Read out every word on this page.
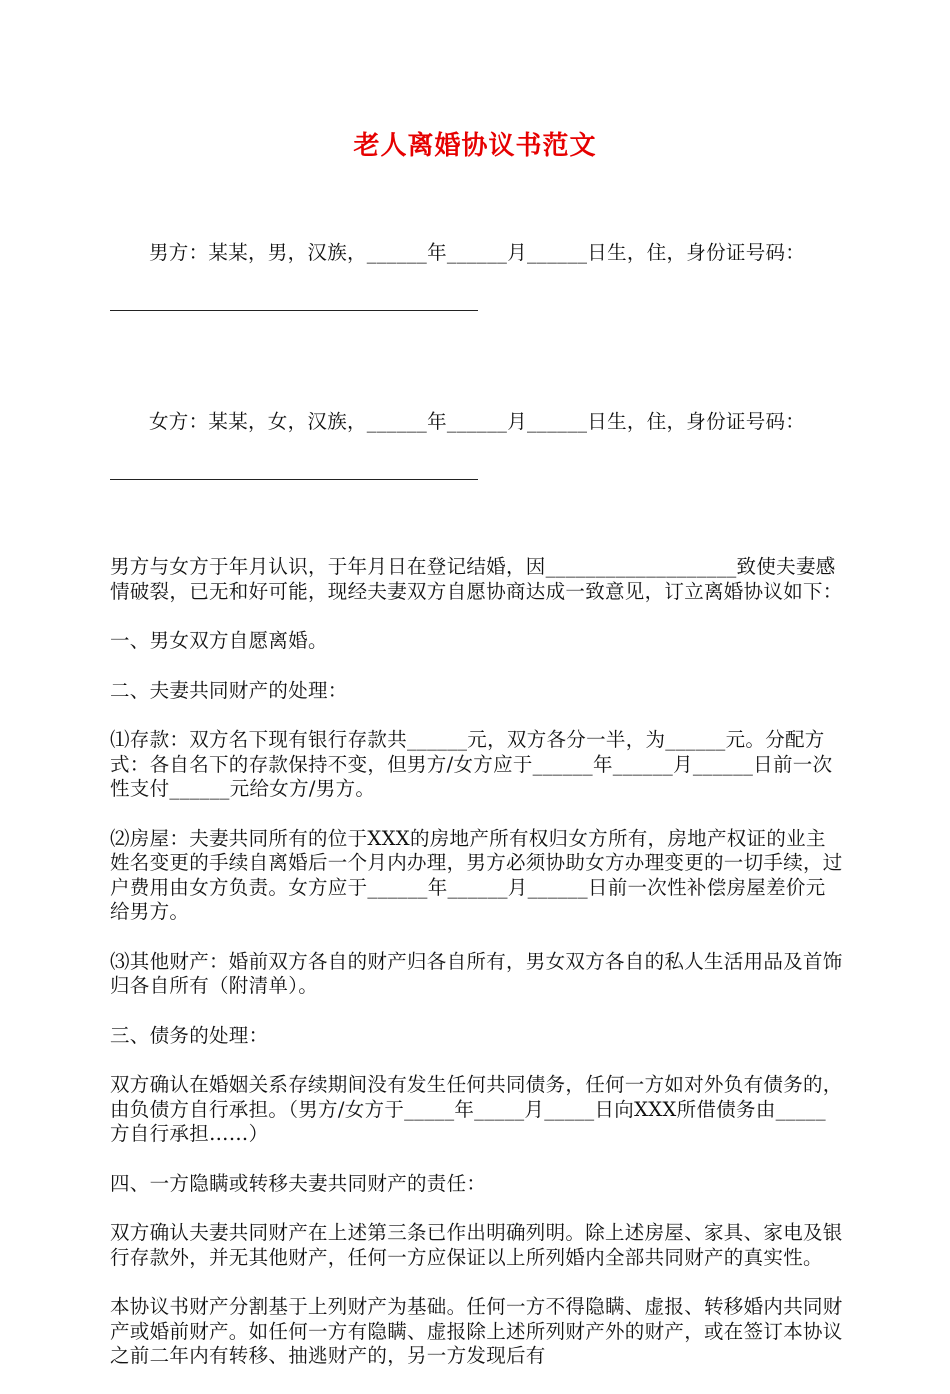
老人离婚协议书范文

男方：某某，男，汉族，______年______月______日生，住，身份证号码：

女方：某某，女，汉族，______年______月______日生，住，身份证号码：

男方与女方于年月认识，于年月日在登记结婚，因___________________致使夫妻感情破裂，已无和好可能，现经夫妻双方自愿协商达成一致意见，订立离婚协议如下：
一、男女双方自愿离婚。
二、夫妻共同财产的处理：
⑴存款：双方名下现有银行存款共______元，双方各分一半，为______元。分配方式：各自名下的存款保持不变，但男方/女方应于______年______月______日前一次性支付______元给女方/男方。
⑵房屋：夫妻共同所有的位于XXX的房地产所有权归女方所有，房地产权证的业主姓名变更的手续自离婚后一个月内办理，男方必须协助女方办理变更的一切手续，过户费用由女方负责。女方应于______年______月______日前一次性补偿房屋差价元给男方。
⑶其他财产：婚前双方各自的财产归各自所有，男女双方各自的私人生活用品及首饰归各自所有（附清单）。
三、债务的处理：
双方确认在婚姻关系存续期间没有发生任何共同债务，任何一方如对外负有债务的，由负债方自行承担。（男方/女方于_____年_____月_____日向XXX所借债务由_____方自行承担……）
四、一方隐瞒或转移夫妻共同财产的责任：
双方确认夫妻共同财产在上述第三条已作出明确列明。除上述房屋、家具、家电及银行存款外，并无其他财产，任何一方应保证以上所列婚内全部共同财产的真实性。
本协议书财产分割基于上列财产为基础。任何一方不得隐瞒、虚报、转移婚内共同财产或婚前财产。如任何一方有隐瞒、虚报除上述所列财产外的财产，或在签订本协议之前二年内有转移、抽逃财产的，另一方发现后有
